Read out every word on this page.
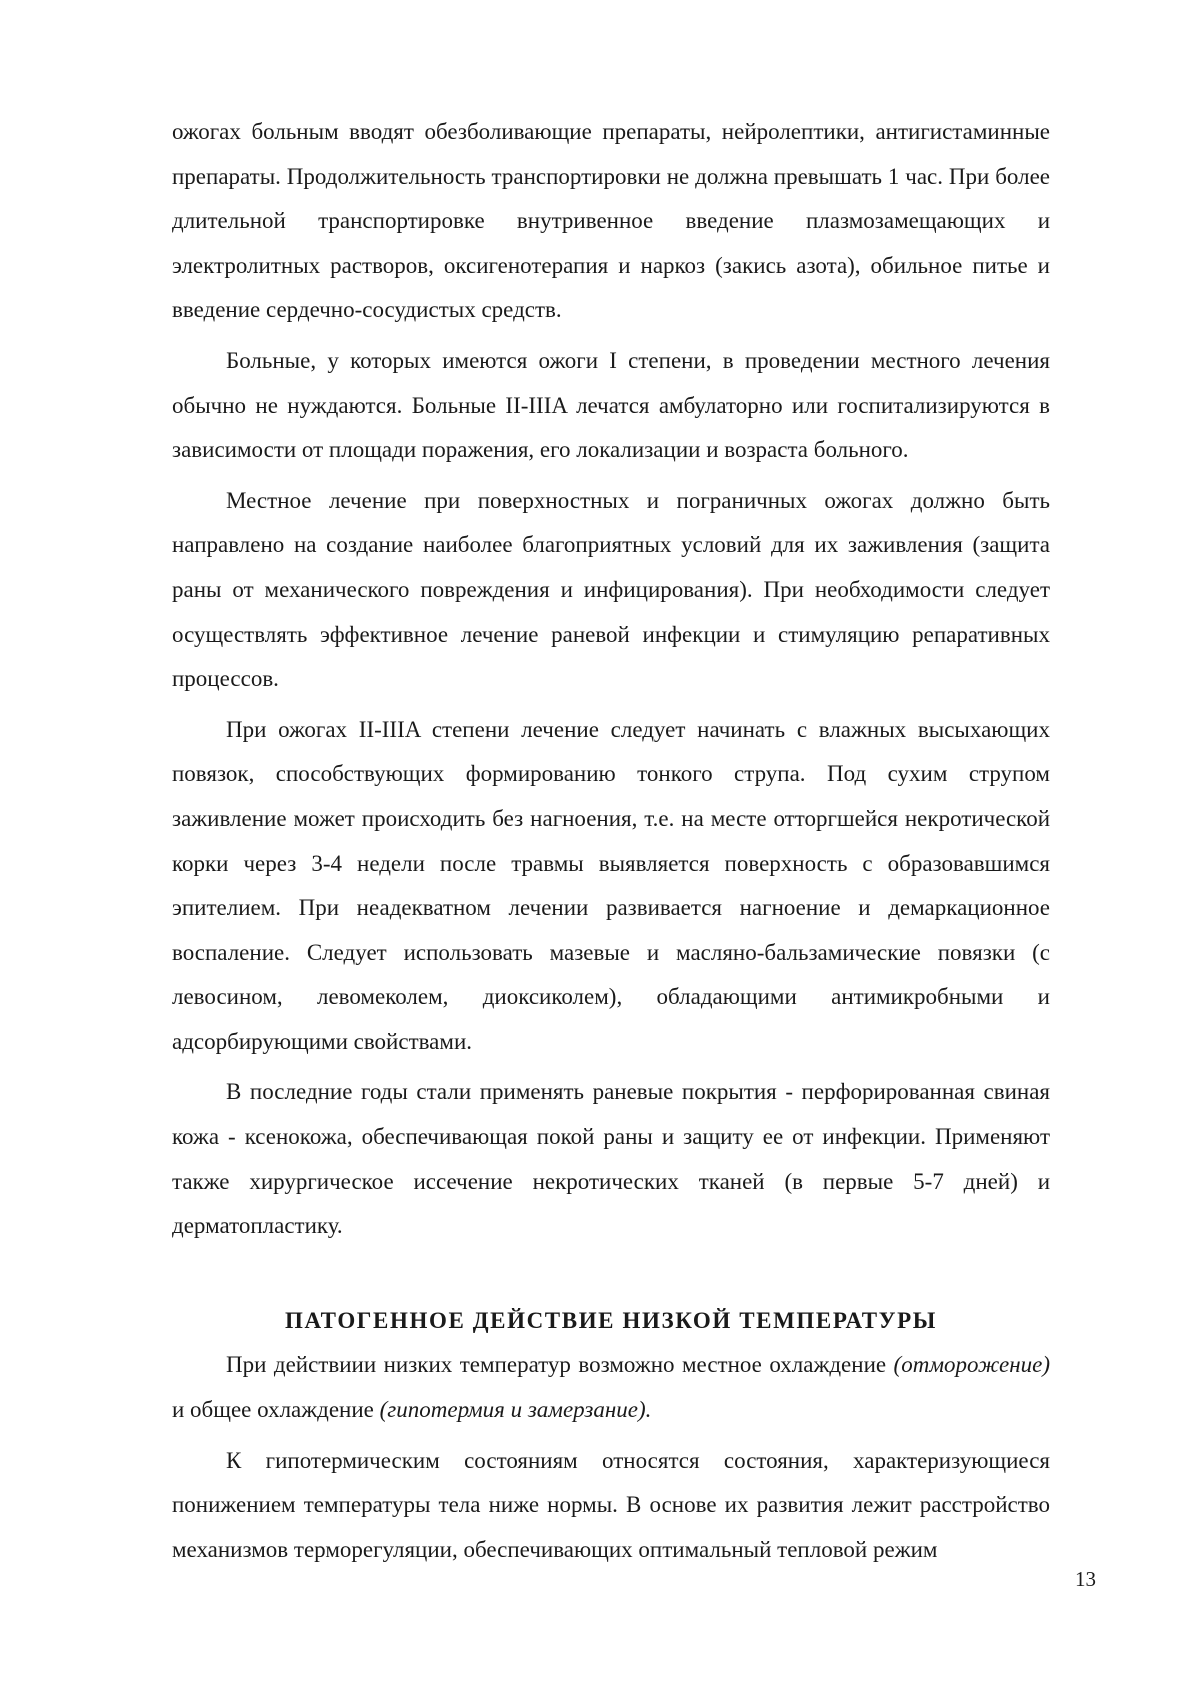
ожогах больным вводят обезболивающие препараты, нейролептики, антигистаминные препараты. Продолжительность транспортировки не должна превышать 1 час. При более длительной транспортировке внутривенное введение плазмозамещающих и электролитных растворов, оксигенотерапия и наркоз (закись азота), обильное питье и введение сердечно-сосудистых средств.

Больные, у которых имеются ожоги I степени, в проведении местного лечения обычно не нуждаются. Больные II-IIIA лечатся амбулаторно или госпитализируются в зависимости от площади поражения, его локализации и возраста больного.

Местное лечение при поверхностных и пограничных ожогах должно быть направлено на создание наиболее благоприятных условий для их заживления (защита раны от механического повреждения и инфицирования). При необходимости следует осуществлять эффективное лечение раневой инфекции и стимуляцию репаративных процессов.

При ожогах II-IIIA степени лечение следует начинать с влажных высыхающих повязок, способствующих формированию тонкого струпа. Под сухим струпом заживление может происходить без нагноения, т.е. на месте отторгшейся некротической корки через 3-4 недели после травмы выявляется поверхность с образовавшимся эпителием. При неадекватном лечении развивается нагноение и демаркационное воспаление. Следует использовать мазевые и масляно-бальзамические повязки (с левосином, левомеколем, диоксиколем), обладающими антимикробными и адсорбирующими свойствами.

В последние годы стали применять раневые покрытия - перфорированная свиная кожа - ксенокожа, обеспечивающая покой раны и защиту ее от инфекции. Применяют также хирургическое иссечение некротических тканей (в первые 5-7 дней) и дерматопластику.

ПАТОГЕННОЕ ДЕЙСТВИЕ НИЗКОЙ ТЕМПЕРАТУРЫ

При действиии низких температур возможно местное охлаждение (отморожение) и общее охлаждение (гипотермия и замерзание).

К гипотермическим состояниям относятся состояния, характеризующиеся понижением температуры тела ниже нормы. В основе их развития лежит расстройство механизмов терморегуляции, обеспечивающих оптимальный тепловой режим

13
